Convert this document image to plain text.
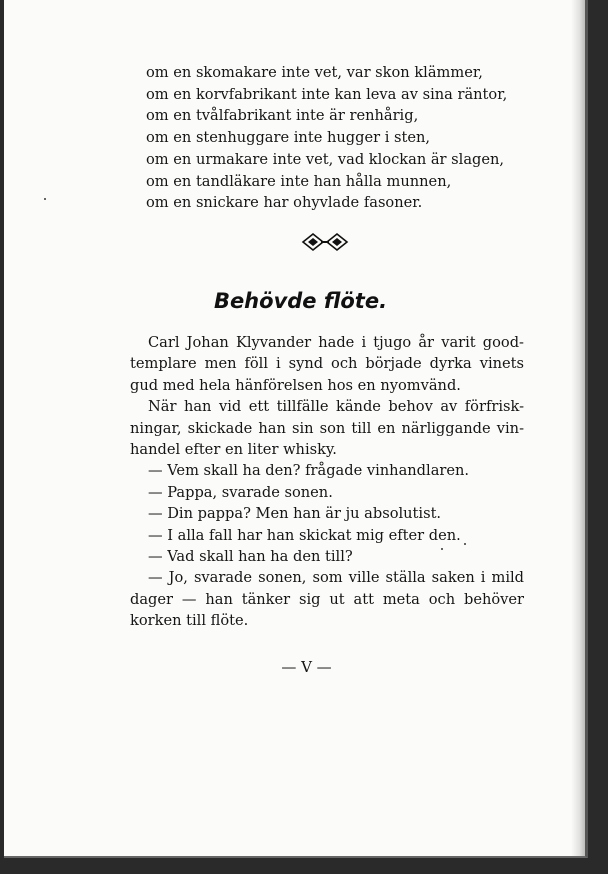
om en skomakare inte vet, var skon klämmer,
om en korvfabrikant inte kan leva av sina räntor,
om en tvålfabrikant inte är renhårig,
om en stenhuggare inte hugger i sten,
om en urmakare inte vet, vad klockan är slagen,
om en tandläkare inte han hålla munnen,
om en snickare har ohyvlade fasoner.
Behövde flöte.
Carl Johan Klyvander hade i tjugo år varit good-
templare men föll i synd och började dyrka vinets
gud med hela hänförelsen hos en nyomvänd.
När han vid ett tillfälle kände behov av förfrisk-
ningar, skickade han sin son till en närliggande vin-
handel efter en liter whisky.
— Vem skall ha den? frågade vinhandlaren.
— Pappa, svarade sonen.
— Din pappa? Men han är ju absolutist.
— I alla fall har han skickat mig efter den.
— Vad skall han ha den till?
— Jo, svarade sonen, som ville ställa saken i mild
dager — han tänker sig ut att meta och behöver
korken till flöte.
— V —
